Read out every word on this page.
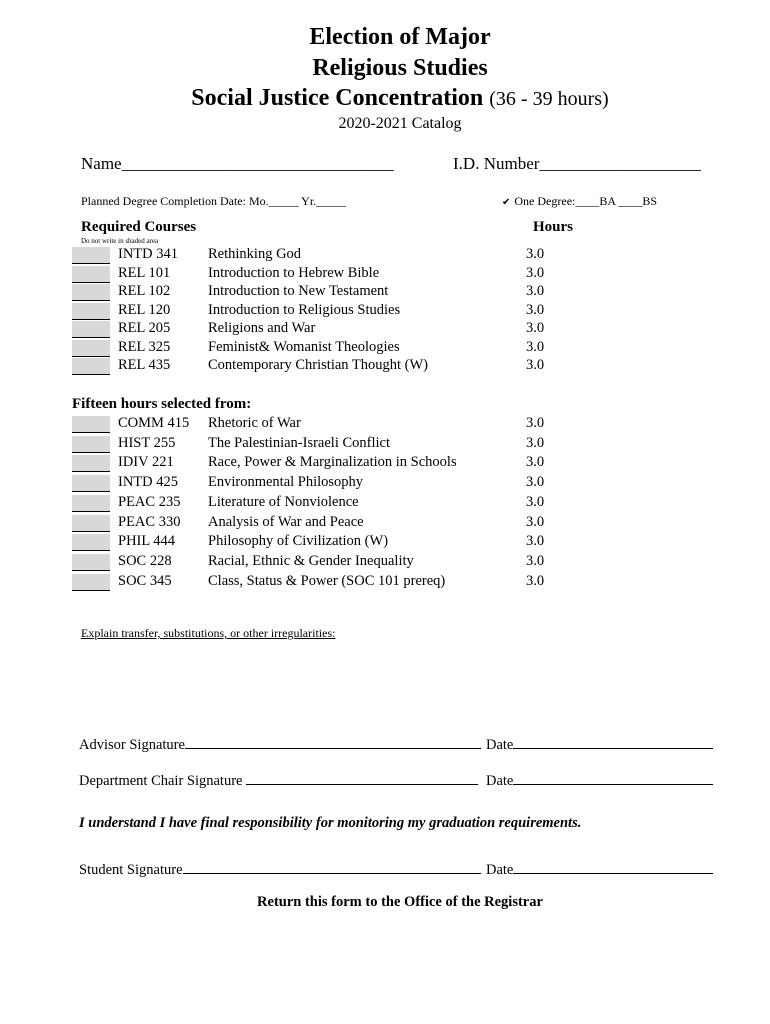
Election of Major
Religious Studies
Social Justice Concentration (36 - 39 hours)
2020-2021 Catalog
Name________________________________	I.D. Number___________________
Planned Degree Completion Date: Mo._____ Yr._____	✔ One Degree:____BA ____BS
Required Courses	Hours
Do not write in shaded area
INTD 341 Rethinking God	3.0
REL 101	Introduction to Hebrew Bible	3.0
REL 102	Introduction to New Testament	3.0
REL 120	Introduction to Religious Studies	3.0
REL 205	Religions and War	3.0
REL 325	Feminist& Womanist Theologies	3.0
REL 435	Contemporary Christian Thought (W)	3.0
Fifteen hours selected from:
COMM 415 Rhetoric of War	3.0
HIST 255 The Palestinian-Israeli Conflict	3.0
IDIV 221 Race, Power & Marginalization in Schools	3.0
INTD 425 Environmental Philosophy	3.0
PEAC 235 Literature of Nonviolence	3.0
PEAC 330 Analysis of War and Peace	3.0
PHIL 444 Philosophy of Civilization (W)	3.0
SOC 228	Racial, Ethnic & Gender Inequality	3.0
SOC 345	Class, Status & Power (SOC 101 prereq)	3.0
Explain transfer, substitutions, or other irregularities:
Advisor Signature	Date
Department Chair Signature	Date
I understand I have final responsibility for monitoring my graduation requirements.
Student Signature	Date
Return this form to the Office of the Registrar
